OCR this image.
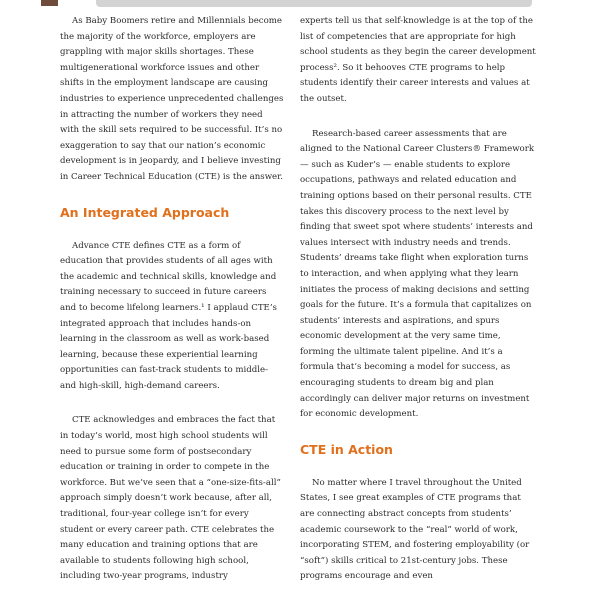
As Baby Boomers retire and Millennials become the majority of the workforce, employers are grappling with major skills shortages. These multigenerational workforce issues and other shifts in the employment landscape are causing industries to experience unprecedented challenges in attracting the number of workers they need with the skill sets required to be successful. It’s no exaggeration to say that our nation’s economic development is in jeopardy, and I believe investing in Career Technical Education (CTE) is the answer.

An Integrated Approach

Advance CTE defines CTE as a form of education that provides students of all ages with the academic and technical skills, knowledge and training necessary to succeed in future careers and to become lifelong learners.¹ I applaud CTE’s integrated approach that includes hands-on learning in the classroom as well as work-based learning, because these experiential learning opportunities can fast-track students to middle- and high-skill, high-demand careers.

CTE acknowledges and embraces the fact that in today’s world, most high school students will need to pursue some form of postsecondary education or training in order to compete in the workforce. But we’ve seen that a “one-size-fits-all” approach simply doesn’t work because, after all, traditional, four-year college isn’t for every student or every career path. CTE celebrates the many education and training options that are available to students following high school, including two-year programs, industry

experts tell us that self-knowledge is at the top of the list of competencies that are appropriate for high school students as they begin the career development process². So it behooves CTE programs to help students identify their career interests and values at the outset.

Research-based career assessments that are aligned to the National Career Clusters® Framework — such as Kuder’s — enable students to explore occupations, pathways and related education and training options based on their personal results. CTE takes this discovery process to the next level by finding that sweet spot where students’ interests and values intersect with industry needs and trends. Students’ dreams take flight when exploration turns to interaction, and when applying what they learn initiates the process of making decisions and setting goals for the future. It’s a formula that capitalizes on students’ interests and aspirations, and spurs economic development at the very same time, forming the ultimate talent pipeline. And it’s a formula that’s becoming a model for success, as encouraging students to dream big and plan accordingly can deliver major returns on investment for economic development.

CTE in Action

No matter where I travel throughout the United States, I see great examples of CTE programs that are connecting abstract concepts from students’ academic coursework to the “real” world of work, incorporating STEM, and fostering employability (or “soft”) skills critical to 21st-century jobs. These programs encourage and even
